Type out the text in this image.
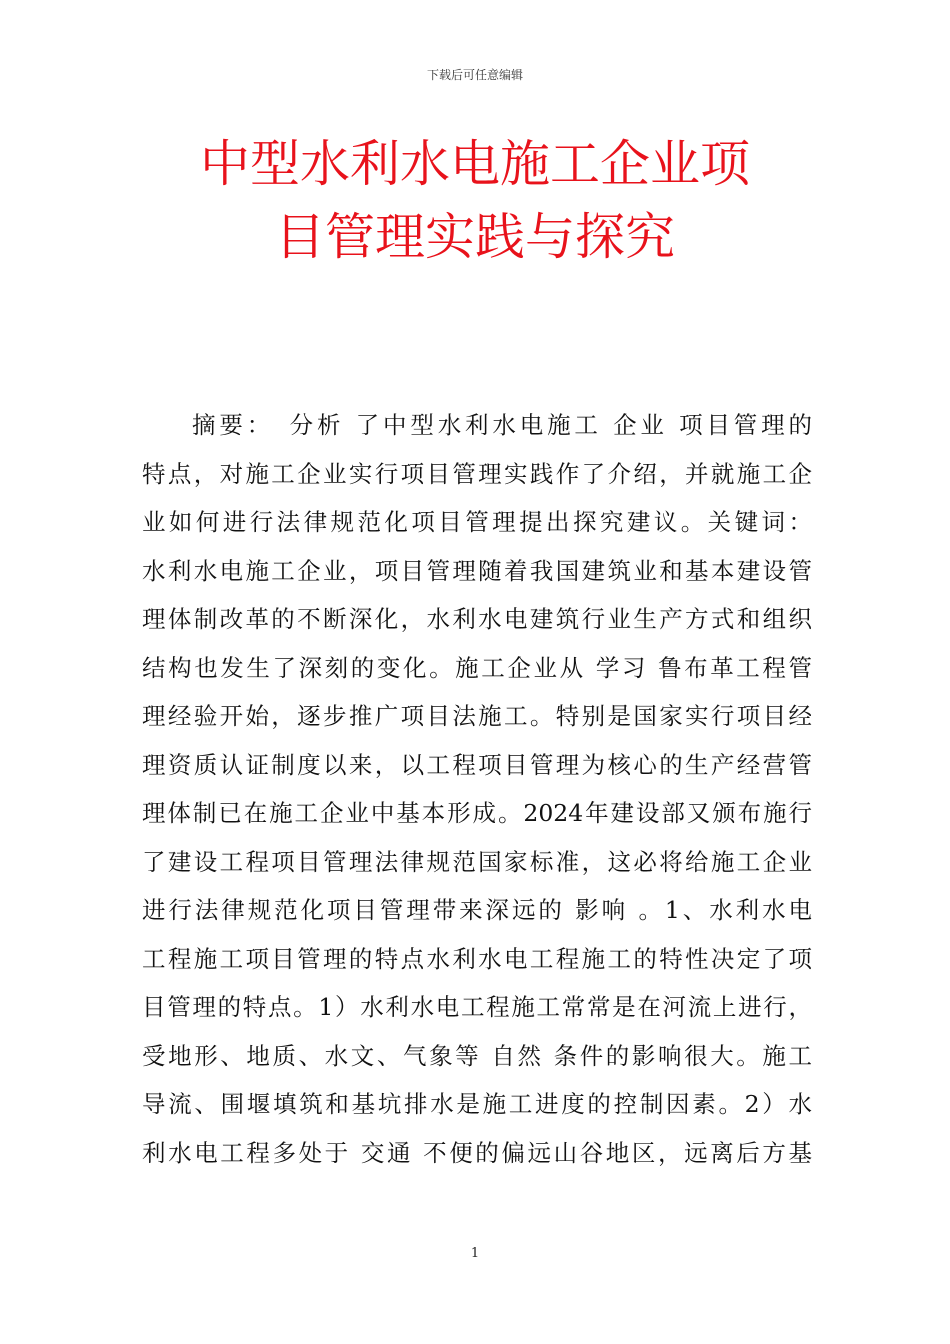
下载后可任意编辑
中型水利水电施工企业项
目管理实践与探究
摘要：　分析 了中型水利水电施工 企业 项目管理的
特点，对施工企业实行项目管理实践作了介绍，并就施工企
业如何进行法律规范化项目管理提出探究建议。关键词：
水利水电施工企业，项目管理随着我国建筑业和基本建设管
理体制改革的不断深化，水利水电建筑行业生产方式和组织
结构也发生了深刻的变化。施工企业从 学习 鲁布革工程管
理经验开始，逐步推广项目法施工。特别是国家实行项目经
理资质认证制度以来，以工程项目管理为核心的生产经营管
理体制已在施工企业中基本形成。2024年建设部又颁布施行
了建设工程项目管理法律规范国家标准，这必将给施工企业
进行法律规范化项目管理带来深远的 影响 。1、水利水电
工程施工项目管理的特点水利水电工程施工的特性决定了项
目管理的特点。1）水利水电工程施工常常是在河流上进行，
受地形、地质、水文、气象等 自然 条件的影响很大。施工
导流、围堰填筑和基坑排水是施工进度的控制因素。2）水
利水电工程多处于 交通 不便的偏远山谷地区，远离后方基
1
